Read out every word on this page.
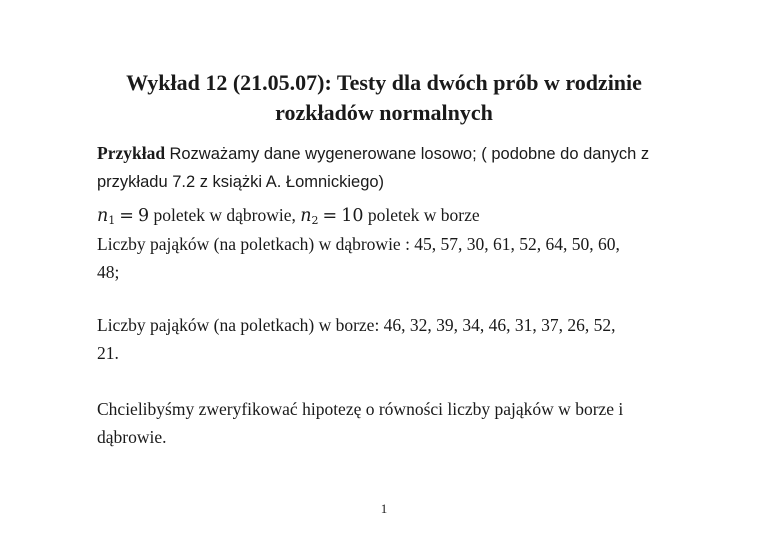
Wykład 12 (21.05.07): Testy dla dwóch prób w rodzinie
rozkładów normalnych
Przykład Rozważamy dane wygenerowane losowo; ( podobne do danych z
przykładu 7.2 z książki A. Łomnickiego)
$n_1 = 9$ poletek w dąbrowie, $n_2 = 10$ poletek w borze
Liczby pająków (na poletkach) w dąbrowie : 45, 57, 30, 61, 52, 64, 50, 60,
48;
Liczby pająków (na poletkach) w borze: 46, 32, 39, 34, 46, 31, 37, 26, 52,
21.
Chcielibyśmy zweryfikować hipotezę o równości liczby pająków w borze i
dąbrowie.
1
